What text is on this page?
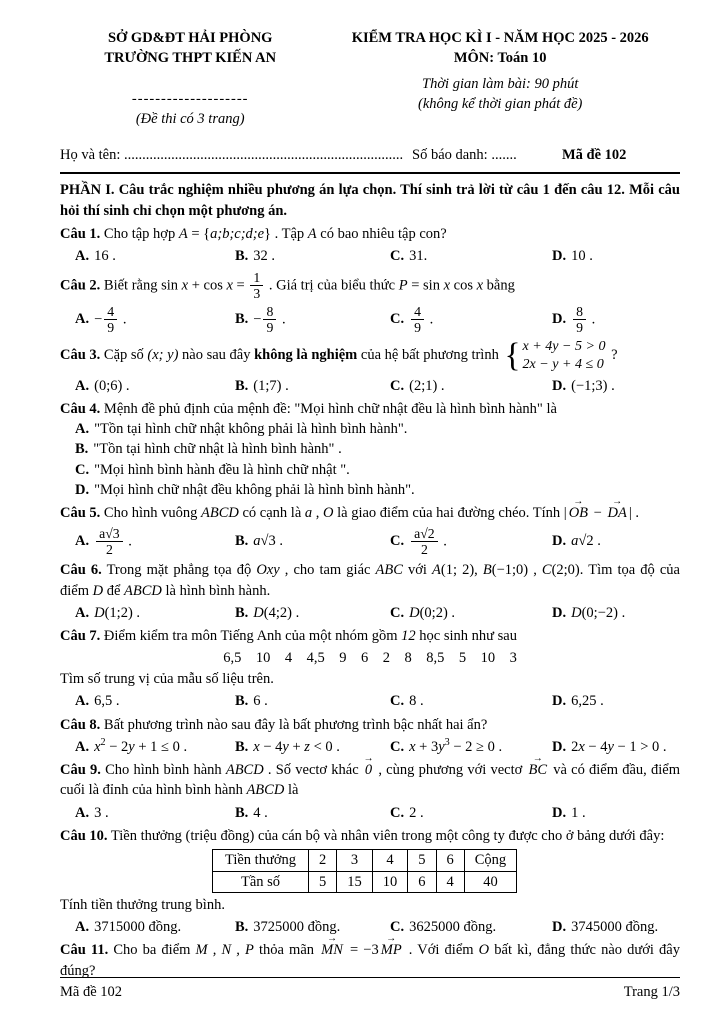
SỞ GD&ĐT HẢI PHÒNG
TRƯỜNG THPT KIẾN AN
--------------------
(Đề thi có 3 trang)
KIỂM TRA HỌC KÌ I - NĂM HỌC 2025 - 2026
MÔN: Toán 10
Thời gian làm bài: 90 phút
(không kể thời gian phát đề)
Họ và tên: ............................................................................. Số báo danh: .......	Mã đề 102
PHẦN I. Câu trắc nghiệm nhiều phương án lựa chọn. Thí sinh trả lời từ câu 1 đến câu 12. Mỗi câu hỏi thí sinh chỉ chọn một phương án.
Câu 1. Cho tập hợp A = {a;b;c;d;e} . Tập A có bao nhiêu tập con?
A. 16 .	B. 32 .	C. 31.	D. 10 .
Câu 2. Biết rằng $\sin x + \cos x = \frac{1}{3}$ . Giá trị của biểu thức P = sin x cos x bằng
A. − $\frac{4}{9}$ .	B. − $\frac{8}{9}$ .	C. $\frac{4}{9}$ .	D. $\frac{8}{9}$ .
Câu 3. Cặp số (x; y) nào sau đây không là nghiệm của hệ bất phương trình { x + 4y − 5 > 0
2x − y + 4 ≤ 0
?
A. (0;6) .	B. (1;7) .	C. (2;1) .	D. (−1;3) .
Câu 4. Mệnh đề phủ định của mệnh đề: "Mọi hình chữ nhật đều là hình bình hành" là
A. "Tồn tại hình chữ nhật không phải là hình bình hành".
B. "Tồn tại hình chữ nhật là hình bình hành" .
C. "Mọi hình bình hành đều là hình chữ nhật ".
D. "Mọi hình chữ nhật đều không phải là hình bình hành".
Câu 5. Cho hình vuông ABCD có cạnh là a , O là giao điểm của hai đường chéo. Tính | → OB − → DA | .
A. $\frac{a√3}{2}$ .	B. a√3 .	C. $\frac{a√2}{2}$ .	D. a√2 .
Câu 6. Trong mặt phẳng tọa độ Oxy , cho tam giác ABC với A(1; 2), B(−1;0) , C(2;0). Tìm tọa độ của điểm D để ABCD là hình bình hành.
A. D(1;2) .	B. D(4;2) .	C. D(0;2) .	D. D(0;−2) .
Câu 7. Điểm kiểm tra môn Tiếng Anh của một nhóm gồm 12 học sinh như sau
6,5    10    4    4,5    9    6    2    8    8,5    5    10    3
Tìm số trung vị của mẫu số liệu trên.
A. 6,5 .	B. 6 .	C. 8 .	D. 6,25 .
Câu 8. Bất phương trình nào sau đây là bất phương trình bậc nhất hai ẩn?
A. $x^2 - 2y + 1 \le 0$ .	B. x − 4y + z < 0 .	C. $x + 3y^3 - 2 \ge 0$ .	D. 2x − 4y − 1 > 0 .
Câu 9. Cho hình bình hành ABCD . Số vectơ khác → 0 , cùng phương với vectơ → BC và có điểm đầu, điểm cuối là đỉnh của hình bình hành ABCD là
A. 3 .	B. 4 .	C. 2 .	D. 1 .
Câu 10. Tiền thưởng (triệu đồng) của cán bộ và nhân viên trong một công ty được cho ở bảng dưới đây:
Tiền thưởng	2	3	4	5	6	Cộng
Tần số	5	15	10	6	4	40
Tính tiền thưởng trung bình.
A. 3715000 đồng.	B. 3725000 đồng.	C. 3625000 đồng.	D. 3745000 đồng.
Câu 11. Cho ba điểm M , N , P thỏa mãn → MN = −3 → MP . Với điểm O bất kì, đẳng thức nào dưới đây đúng?
Mã đề 102	Trang 1/3
